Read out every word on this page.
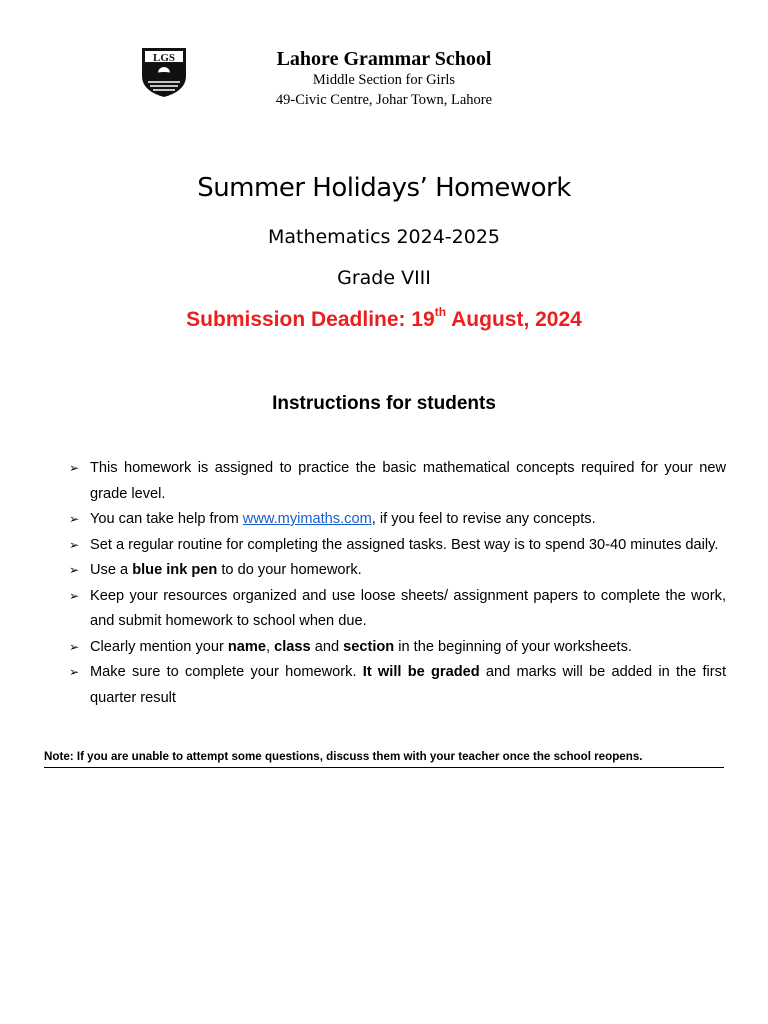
LGS	Lahore Grammar School
Middle Section for Girls
49-Civic Centre, Johar Town, Lahore
Summer Holidays’ Homework
Mathematics 2024-2025
Grade VIII
Submission Deadline: 19th August, 2024
Instructions for students
➢ This homework is assigned to practice the basic mathematical concepts required for your new grade level.
➢ You can take help from www.myimaths.com, if you feel to revise any concepts.
➢ Set a regular routine for completing the assigned tasks. Best way is to spend 30-40 minutes daily.
➢ Use a blue ink pen to do your homework.
➢ Keep your resources organized and use loose sheets/ assignment papers to complete the work, and submit homework to school when due.
➢ Clearly mention your name, class and section in the beginning of your worksheets.
➢ Make sure to complete your homework. It will be graded and marks will be added in the first quarter result
Note: If you are unable to attempt some questions, discuss them with your teacher once the school reopens.
